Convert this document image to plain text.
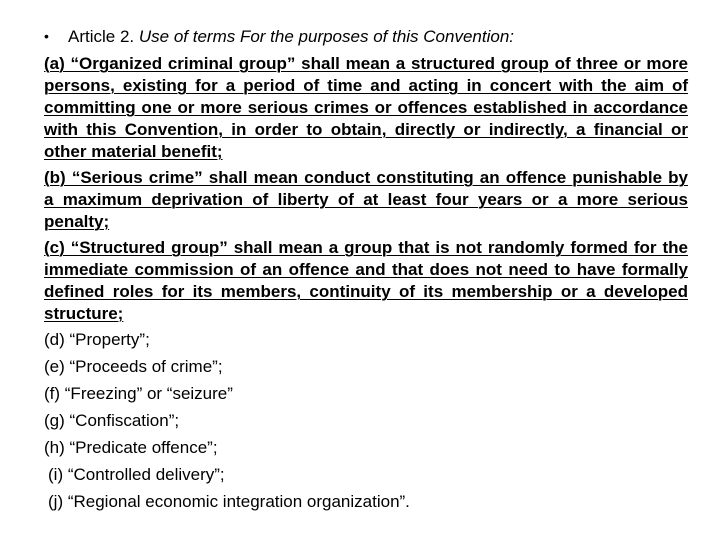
•	Article 2. Use of terms For the purposes of this Convention:

(a) “Organized criminal group” shall mean a structured group of three or more persons, existing for a period of time and acting in concert with the aim of committing one or more serious crimes or offences established in accordance with this Convention, in order to obtain, directly or indirectly, a financial or other material benefit;

(b) “Serious crime” shall mean conduct constituting an offence punishable by a maximum deprivation of liberty of at least four years or a more serious penalty;

(c) “Structured group” shall mean a group that is not randomly formed for the immediate commission of an offence and that does not need to have formally defined roles for its members, continuity of its membership or a developed structure;

(d) “Property”;

(e) “Proceeds of crime”;

(f) “Freezing” or “seizure”

(g) “Confiscation”;

(h) “Predicate offence”;

(i) “Controlled delivery”;

(j) “Regional economic integration organization”.
